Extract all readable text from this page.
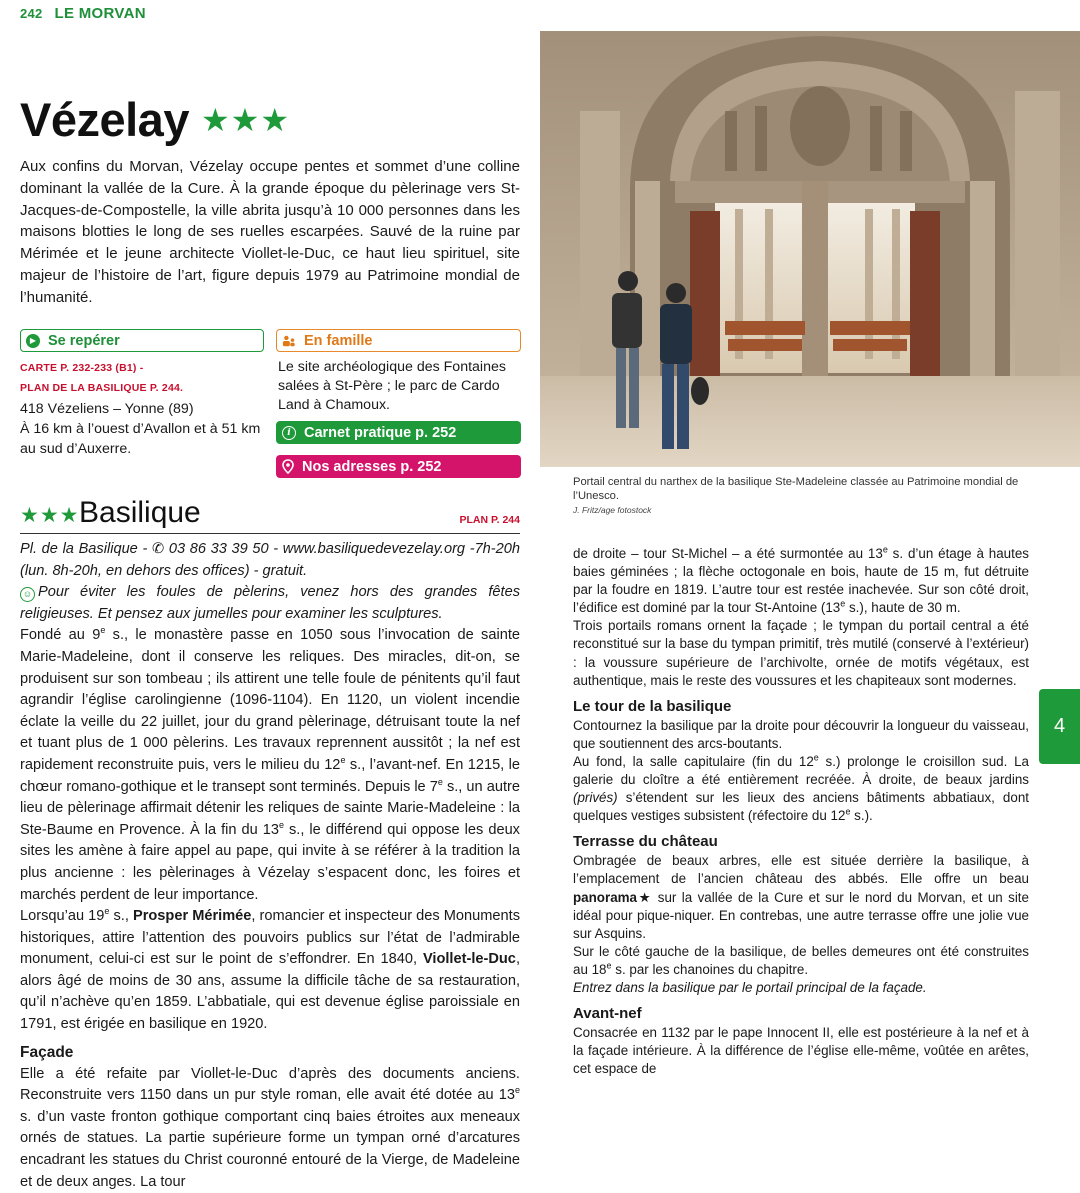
242 LE MORVAN
Vézelay ★★★
Aux confins du Morvan, Vézelay occupe pentes et sommet d’une colline dominant la vallée de la Cure. À la grande époque du pèlerinage vers St-Jacques-de-Compostelle, la ville abrita jusqu’à 10 000 personnes dans les maisons blotties le long de ses ruelles escarpées. Sauvé de la ruine par Mérimée et le jeune architecte Viollet-le-Duc, ce haut lieu spirituel, site majeur de l’histoire de l’art, figure depuis 1979 au Patrimoine mondial de l’humanité.
▶ Se repérer
CARTE P. 232-233 (B1) -
PLAN DE LA BASILIQUE P. 244.
418 Vézeliens – Yonne (89)
À 16 km à l’ouest d’Avallon et à 51 km au sud d’Auxerre.
En famille
Le site archéologique des Fontaines salées à St-Père ; le parc de Cardo Land à Chamoux.
i Carnet pratique p. 252
Nos adresses p. 252
★★★ Basilique	PLAN P. 244
Pl. de la Basilique - ✆ 03 86 33 39 50 - www.basiliquedevezelay.org -7h-20h (lun. 8h-20h, en dehors des offices) - gratuit.
☺ Pour éviter les foules de pèlerins, venez hors des grandes fêtes religieuses. Et pensez aux jumelles pour examiner les sculptures.
Fondé au 9e s., le monastère passe en 1050 sous l’invocation de sainte Marie-Madeleine, dont il conserve les reliques. Des miracles, dit-on, se produisent sur son tombeau ; ils attirent une telle foule de pénitents qu’il faut agrandir l’église carolingienne (1096-1104). En 1120, un violent incendie éclate la veille du 22 juillet, jour du grand pèlerinage, détruisant toute la nef et tuant plus de 1 000 pèlerins. Les travaux reprennent aussitôt ; la nef est rapidement reconstruite puis, vers le milieu du 12e s., l’avant-nef. En 1215, le chœur romano-gothique et le transept sont terminés. Depuis le 7e s., un autre lieu de pèlerinage affirmait détenir les reliques de sainte Marie-Madeleine : la Ste-Baume en Provence. À la fin du 13e s., le différend qui oppose les deux sites les amène à faire appel au pape, qui invite à se référer à la tradition la plus ancienne : les pèlerinages à Vézelay s’espacent donc, les foires et marchés perdent de leur importance.
Lorsqu’au 19e s., Prosper Mérimée, romancier et inspecteur des Monuments historiques, attire l’attention des pouvoirs publics sur l’état de l’admirable monument, celui-ci est sur le point de s’effondrer. En 1840, Viollet-le-Duc, alors âgé de moins de 30 ans, assume la difficile tâche de sa restauration, qu’il n’achève qu’en 1859. L’abbatiale, qui est devenue église paroissiale en 1791, est érigée en basilique en 1920.
Façade
Elle a été refaite par Viollet-le-Duc d’après des documents anciens. Reconstruite vers 1150 dans un pur style roman, elle avait été dotée au 13e s. d’un vaste fronton gothique comportant cinq baies étroites aux meneaux ornés de statues. La partie supérieure forme un tympan orné d’arcatures encadrant les statues du Christ couronné entouré de la Vierge, de Madeleine et de deux anges. La tour
Portail central du narthex de la basilique Ste-Madeleine classée au Patrimoine mondial de l’Unesco.
J. Fritz/age fotostock
de droite – tour St-Michel – a été surmontée au 13e s. d’un étage à hautes baies géminées ; la flèche octogonale en bois, haute de 15 m, fut détruite par la foudre en 1819. L’autre tour est restée inachevée. Sur son côté droit, l’édifice est dominé par la tour St-Antoine (13e s.), haute de 30 m.
Trois portails romans ornent la façade ; le tympan du portail central a été reconstitué sur la base du tympan primitif, très mutilé (conservé à l’extérieur) : la voussure supérieure de l’archivolte, ornée de motifs végétaux, est authentique, mais le reste des voussures et les chapiteaux sont modernes.
Le tour de la basilique
Contournez la basilique par la droite pour découvrir la longueur du vaisseau, que soutiennent des arcs-boutants.
Au fond, la salle capitulaire (fin du 12e s.) prolonge le croisillon sud. La galerie du cloître a été entièrement recréée. À droite, de beaux jardins (privés) s’étendent sur les lieux des anciens bâtiments abbatiaux, dont quelques vestiges subsistent (réfectoire du 12e s.).
Terrasse du château
Ombragée de beaux arbres, elle est située derrière la basilique, à l’emplacement de l’ancien château des abbés. Elle offre un beau panorama★ sur la vallée de la Cure et sur le nord du Morvan, et un site idéal pour pique-niquer. En contrebas, une autre terrasse offre une jolie vue sur Asquins.
Sur le côté gauche de la basilique, de belles demeures ont été construites au 18e s. par les chanoines du chapitre.
Entrez dans la basilique par le portail principal de la façade.
Avant-nef
Consacrée en 1132 par le pape Innocent II, elle est postérieure à la nef et à la façade intérieure. À la différence de l’église elle-même, voûtée en arêtes, cet espace de
4
